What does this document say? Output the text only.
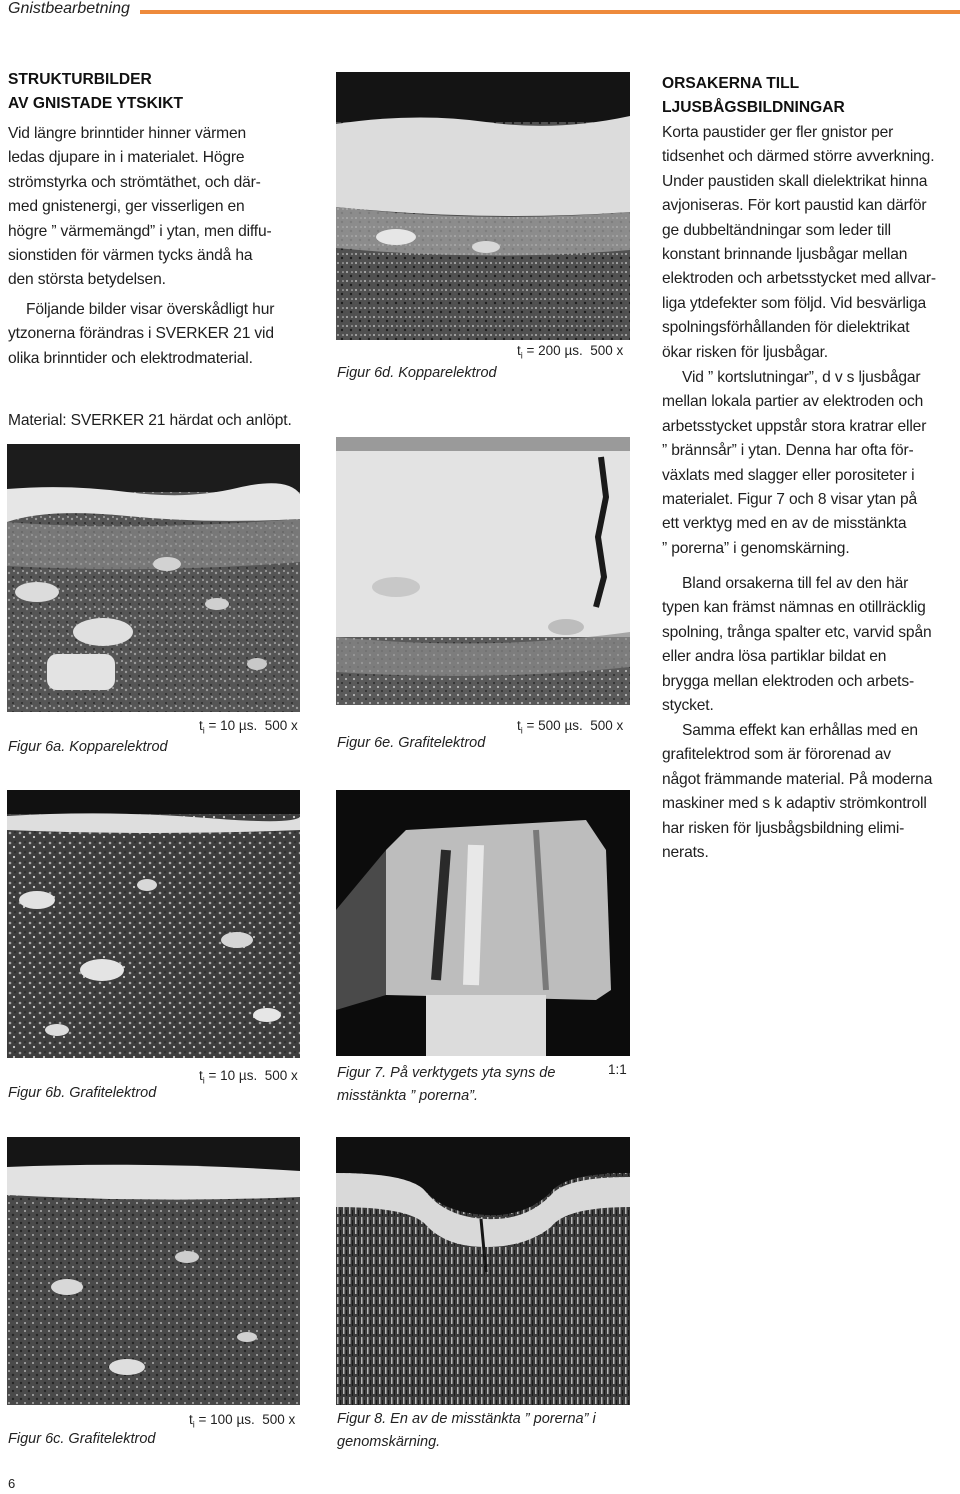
Gnistbearbetning
STRUKTURBILDER
AV GNISTADE YTSKIKT
Vid längre brinntider hinner värmen
ledas djupare in i materialet. Högre
strömstyrka och strömtäthet, och där-
med gnistenergi, ger visserligen en
högre ” värmemängd” i ytan, men diffu-
sionstiden för värmen tycks ändå ha
den största betydelsen.
Följande bilder visar överskådligt hur
ytzonerna förändras i SVERKER 21 vid
olika brinntider och elektrodmaterial.
Material: SVERKER 21 härdat och anlöpt.
Figur 6a. Kopparelektrod
$t_i = 10$ µs. 500 x
Figur 6b. Grafitelektrod
$t_i = 10$ µs. 500 x
Figur 6c. Grafitelektrod
$t_i = 100$ µs. 500 x
Figur 6d. Kopparelektrod
$t_i = 200$ µs. 500 x
Figur 6e. Grafitelektrod
$t_i = 500$ µs. 500 x
Figur 7. På verktygets yta syns de
misstänkta ” porerna”.
1:1
Figur 8. En av de misstänkta ” porerna” i
genomskärning.
ORSAKERNA TILL
LJUSBÅGSBILDNINGAR
Korta paustider ger fler gnistor per
tidsenhet och därmed större avverkning.
Under paustiden skall dielektrikat hinna
avjoniseras. För kort paustid kan därför
ge dubbeltändningar som leder till
konstant brinnande ljusbågar mellan
elektroden och arbetsstycket med allvar-
liga ytdefekter som följd. Vid besvärliga
spolningsförhållanden för dielektrikat
ökar risken för ljusbågar.
Vid ” kortslutningar”, d v s ljusbågar
mellan lokala partier av elektroden och
arbetsstycket uppstår stora kratrar eller
” brännsår” i ytan. Denna har ofta för-
växlats med slagger eller porositeter i
materialet. Figur 7 och 8 visar ytan på
ett verktyg med en av de misstänkta
” porerna” i genomskärning.
Bland orsakerna till fel av den här
typen kan främst nämnas en otillräcklig
spolning, trånga spalter etc, varvid spån
eller andra lösa partiklar bildat en
brygga mellan elektroden och arbets-
stycket.
Samma effekt kan erhållas med en
grafitelektrod som är förorenad av
något främmande material. På moderna
maskiner med s k adaptiv strömkontroll
har risken för ljusbågsbildning elimi-
nerats.
6
